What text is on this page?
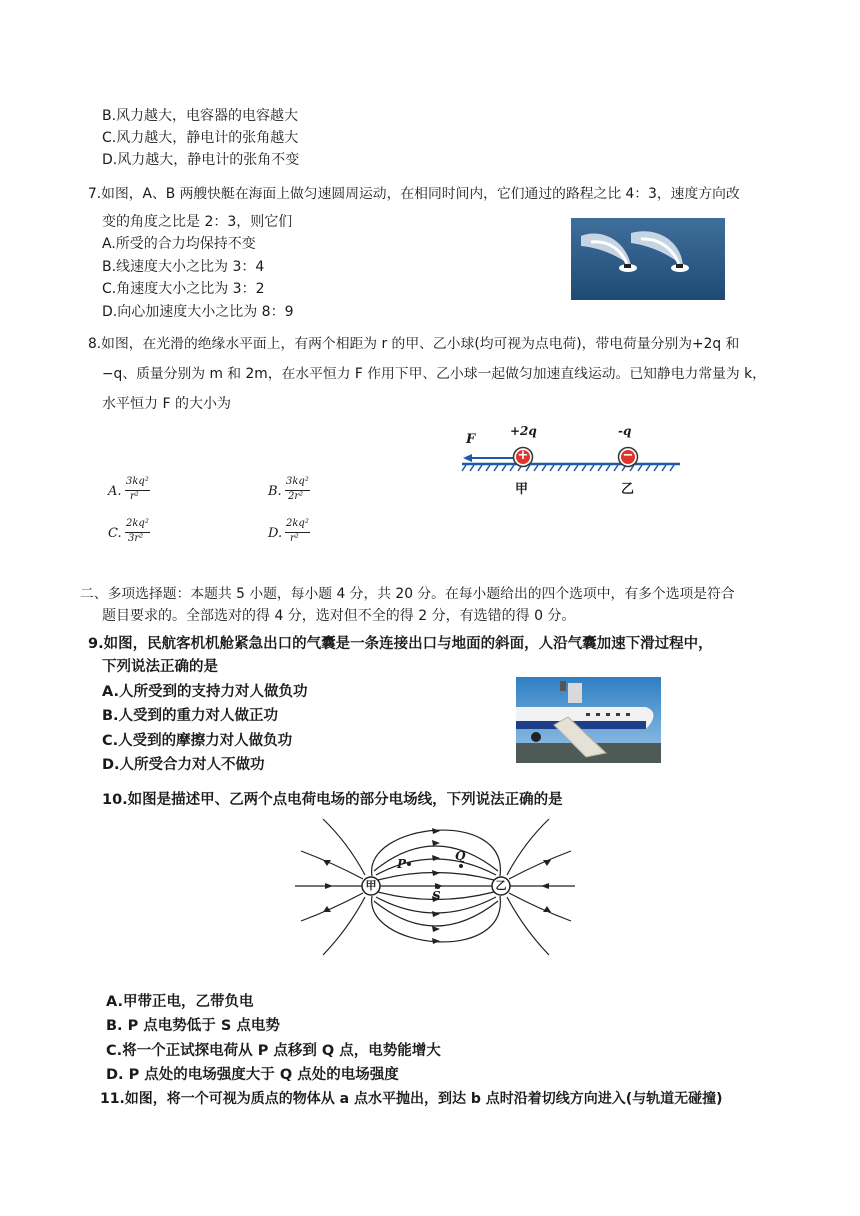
B.风力越大，电容器的电容越大
C.风力越大，静电计的张角越大
D.风力越大，静电计的张角不变
7.如图，A、B 两艘快艇在海面上做匀速圆周运动，在相同时间内，它们通过的路程之比 4：3，速度方向改
变的角度之比是 2：3，则它们
A.所受的合力均保持不变
B.线速度大小之比为 3：4
C.角速度大小之比为 3：2
D.向心加速度大小之比为 8：9
8.如图，在光滑的绝缘水平面上，有两个相距为 r 的甲、乙小球(均可视为点电荷)，带电荷量分别为+2q 和
−q、质量分别为 m 和 2m，在水平恒力 F 作用下甲、乙小球一起做匀加速直线运动。已知静电力常量为 k，
水平恒力 F 的大小为
+	−
F
+2q	-q
甲	乙
A.
3kq²
r²	B.
3kq²
2r²
C.
2kq²
3r²	D.
2kq²
r²
二、多项选择题：本题共 5 小题，每小题 4 分，共 20 分。在每小题给出的四个选项中，有多个选项是符合
题目要求的。全部选对的得 4 分，选对但不全的得 2 分，有选错的得 0 分。
9.如图，民航客机机舱紧急出口的气囊是一条连接出口与地面的斜面，人沿气囊加速下滑过程中，
下列说法正确的是
A.人所受到的支持力对人做负功
B.人受到的重力对人做正功
C.人受到的摩擦力对人做负功
D.人所受合力对人不做功
10.如图是描述甲、乙两个点电荷电场的部分电场线，下列说法正确的是
甲	乙
P
Q
S
A.甲带正电，乙带负电
B. P 点电势低于 S 点电势
C.将一个正试探电荷从 P 点移到 Q 点，电势能增大
D. P 点处的电场强度大于 Q 点处的电场强度
11.如图，将一个可视为质点的物体从 a 点水平抛出，到达 b 点时沿着切线方向进入(与轨道无碰撞)
